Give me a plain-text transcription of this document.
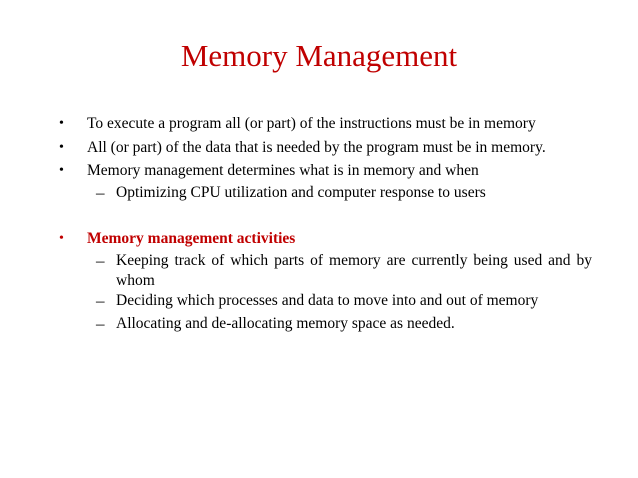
Memory Management
•	To execute a program all (or part) of the instructions must be in memory
•	All (or part) of the data that is needed by the program must be in memory.
•	Memory management determines what is in memory and when
– Optimizing CPU utilization and computer response to users
•	Memory management activities
– Keeping track of which parts of memory are currently being used and by whom
– Deciding which processes and data to move into and out of memory
– Allocating and de-allocating memory space as needed.
